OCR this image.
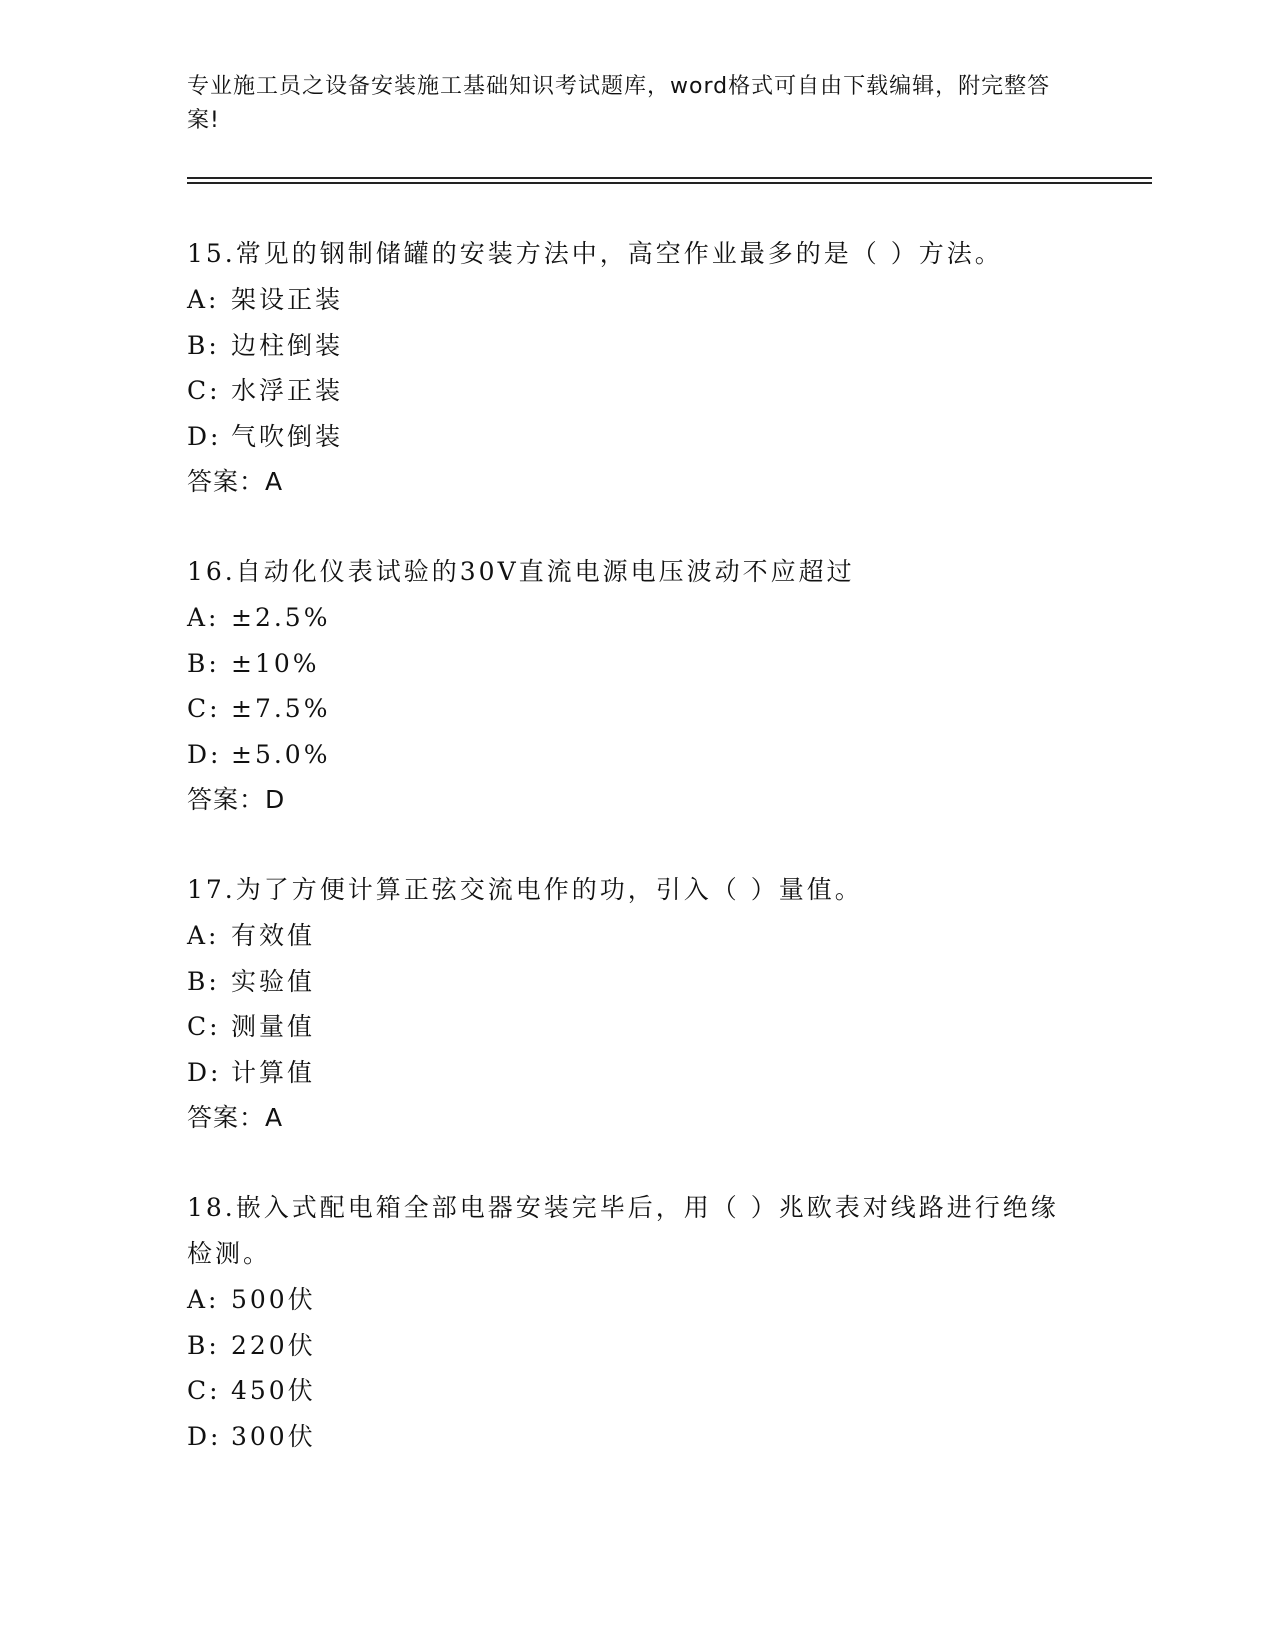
专业施工员之设备安装施工基础知识考试题库，word格式可自由下载编辑，附完整答案!

15.常见的钢制储罐的安装方法中，高空作业最多的是（ ）方法。

A: 架设正装
B: 边柱倒装
C: 水浮正装
D: 气吹倒装
答案：A

16.自动化仪表试验的30V直流电源电压波动不应超过

A: ±2.5%
B: ±10%
C: ±7.5%
D: ±5.0%
答案：D

17.为了方便计算正弦交流电作的功，引入（ ）量值。

A: 有效值
B: 实验值
C: 测量值
D: 计算值
答案：A

18.嵌入式配电箱全部电器安装完毕后，用（ ）兆欧表对线路进行绝缘检测。

A: 500伏
B: 220伏
C: 450伏
D: 300伏
